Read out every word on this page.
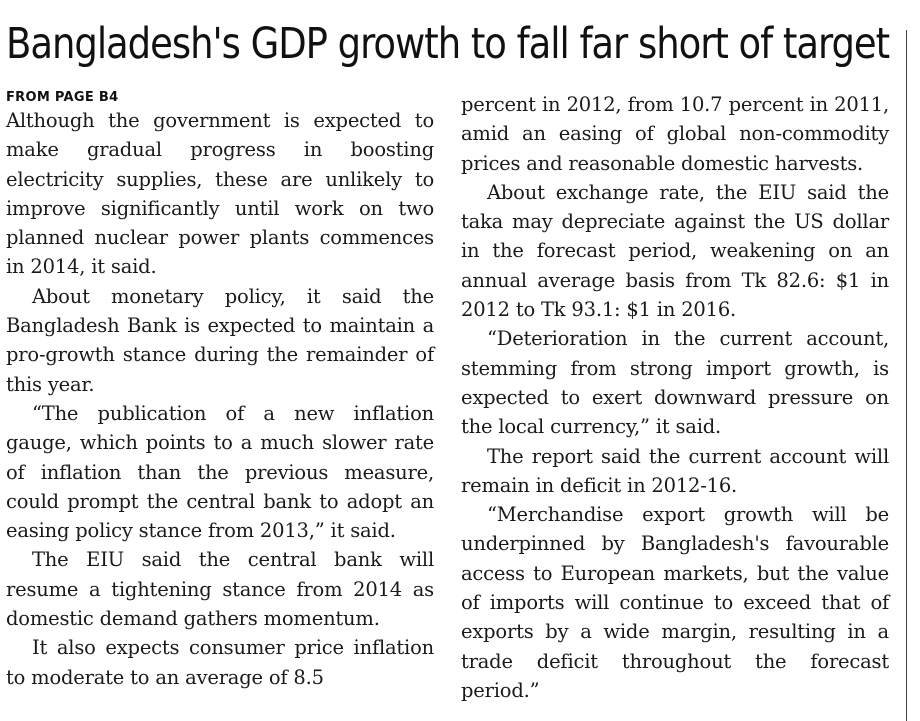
Bangladesh's GDP growth to fall far short of target
FROM PAGE B4

Although the government is expected to make gradual progress in boosting electricity supplies, these are unlikely to improve significantly until work on two planned nuclear power plants commences in 2014, it said.

About monetary policy, it said the Bangladesh Bank is expected to maintain a pro-growth stance during the remainder of this year.

“The publication of a new inflation gauge, which points to a much slower rate of inflation than the previous measure, could prompt the central bank to adopt an easing policy stance from 2013,” it said.

The EIU said the central bank will resume a tightening stance from 2014 as domestic demand gathers momentum.

It also expects consumer price inflation to moderate to an average of 8.5

percent in 2012, from 10.7 percent in 2011, amid an easing of global non-commodity prices and reasonable domestic harvests.

About exchange rate, the EIU said the taka may depreciate against the US dollar in the forecast period, weakening on an annual average basis from Tk 82.6: $1 in 2012 to Tk 93.1: $1 in 2016.

“Deterioration in the current account, stemming from strong import growth, is expected to exert downward pressure on the local currency,” it said.

The report said the current account will remain in deficit in 2012-16.

“Merchandise export growth will be underpinned by Bangladesh's favourable access to European markets, but the value of imports will continue to exceed that of exports by a wide margin, resulting in a trade deficit throughout the forecast period.”
